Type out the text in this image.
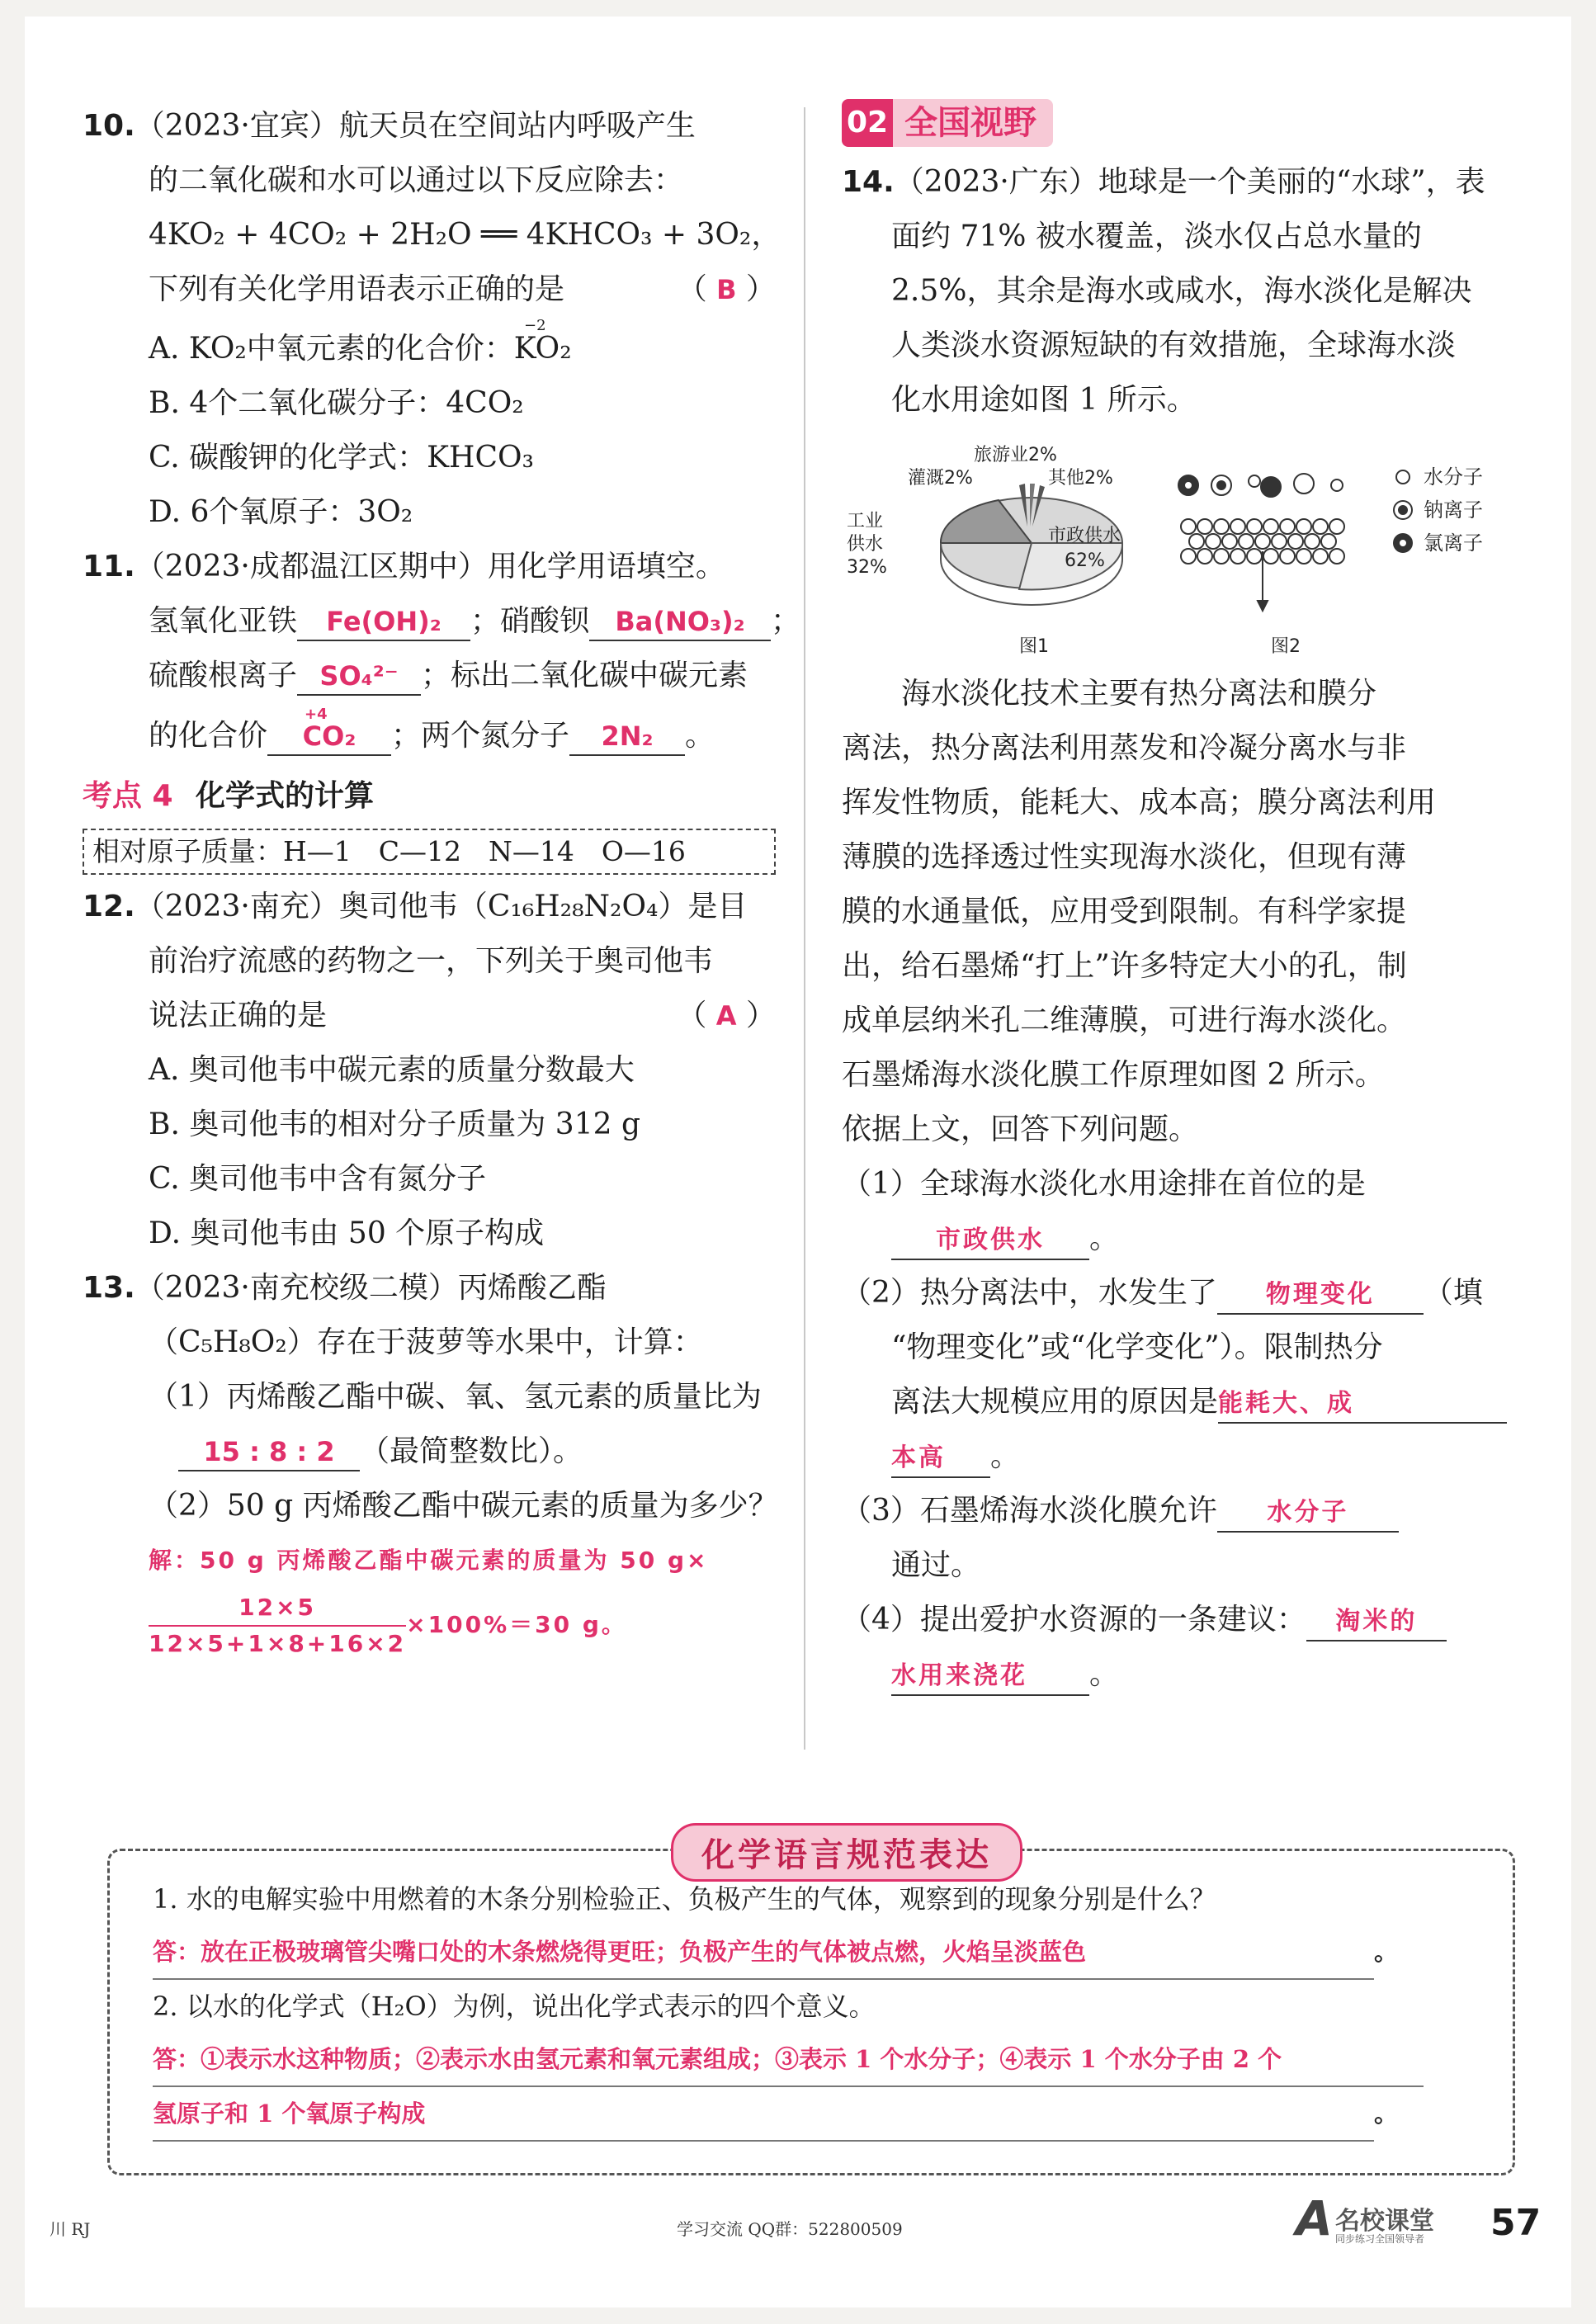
10.（2023·宜宾）航天员在空间站内呼吸产生
的二氧化碳和水可以通过以下反应除去：
4KO₂ + 4CO₂ + 2H₂O ══ 4KHCO₃ + 3O₂，
下列有关化学用语表示正确的是	（ B ）
A. KO₂中氧元素的化合价：KO₂
−2
B. 4个二氧化碳分子：4CO₂
C. 碳酸钾的化学式：KHCO₃
D. 6个氧原子：3O₂
11.（2023·成都温江区期中）用化学用语填空。
氢氧化亚铁 Fe(OH)₂ ；硝酸钡 Ba(NO₃)₂ ；
硫酸根离子 SO₄²⁻ ；标出二氧化碳中碳元素
的化合价
+4
CO₂ ；两个氮分子 2N₂ 。
考点 4 化学式的计算
相对原子质量：H—1　C—12　N—14　O—16
12.（2023·南充）奥司他韦（C₁₆H₂₈N₂O₄）是目
前治疗流感的药物之一，下列关于奥司他韦
说法正确的是	（ A ）
A. 奥司他韦中碳元素的质量分数最大
B. 奥司他韦的相对分子质量为 312 g
C. 奥司他韦中含有氮分子
D. 奥司他韦由 50 个原子构成
13.（2023·南充校级二模）丙烯酸乙酯
（C₅H₈O₂）存在于菠萝等水果中，计算：
（1）丙烯酸乙酯中碳、氧、氢元素的质量比为
15 : 8 : 2 （最简整数比）。
（2）50 g 丙烯酸乙酯中碳元素的质量为多少？
解：50 g 丙烯酸乙酯中碳元素的质量为 50 g×
$\frac{12\times 5}{12\times 5+1\times 8+16\times 2} \times 100\%=30$ g。
02 全国视野
14.（2023·广东）地球是一个美丽的“水球”，表
面约 71% 被水覆盖，淡水仅占总水量的
2.5%，其余是海水或咸水，海水淡化是解决
人类淡水资源短缺的有效措施，全球海水淡
化水用途如图 1 所示。
旅游业2%
灌溉2%	其他2%
工业
供水
32%
市政供水
62%
图1	图2
水分子
钠离子
氯离子
海水淡化技术主要有热分离法和膜分
离法，热分离法利用蒸发和冷凝分离水与非
挥发性物质，能耗大、成本高；膜分离法利用
薄膜的选择透过性实现海水淡化，但现有薄
膜的水通量低，应用受到限制。有科学家提
出，给石墨烯“打上”许多特定大小的孔，制
成单层纳米孔二维薄膜，可进行海水淡化。
石墨烯海水淡化膜工作原理如图 2 所示。
依据上文，回答下列问题。
（1）全球海水淡化水用途排在首位的是
市政供水 。
（2）热分离法中，水发生了 物理变化 （填
“物理变化”或“化学变化”）。限制热分
离法大规模应用的原因是能耗大、成
本高 。
（3）石墨烯海水淡化膜允许 水分子
通过。
（4）提出爱护水资源的一条建议： 淘米的
水用来浇花 。
化学语言规范表达
1. 水的电解实验中用燃着的木条分别检验正、负极产生的气体，观察到的现象分别是什么？
答：放在正极玻璃管尖嘴口处的木条燃烧得更旺；负极产生的气体被点燃，火焰呈淡蓝色	。
2. 以水的化学式（H₂O）为例，说出化学式表示的四个意义。
答：①表示水这种物质；②表示水由氢元素和氧元素组成；③表示 1 个水分子；④表示 1 个水分子由 2 个
氢原子和 1 个氧原子构成	。
川 RJ	学习交流 QQ群：522800509	A 名校课堂
同步练习全国领导者 57
